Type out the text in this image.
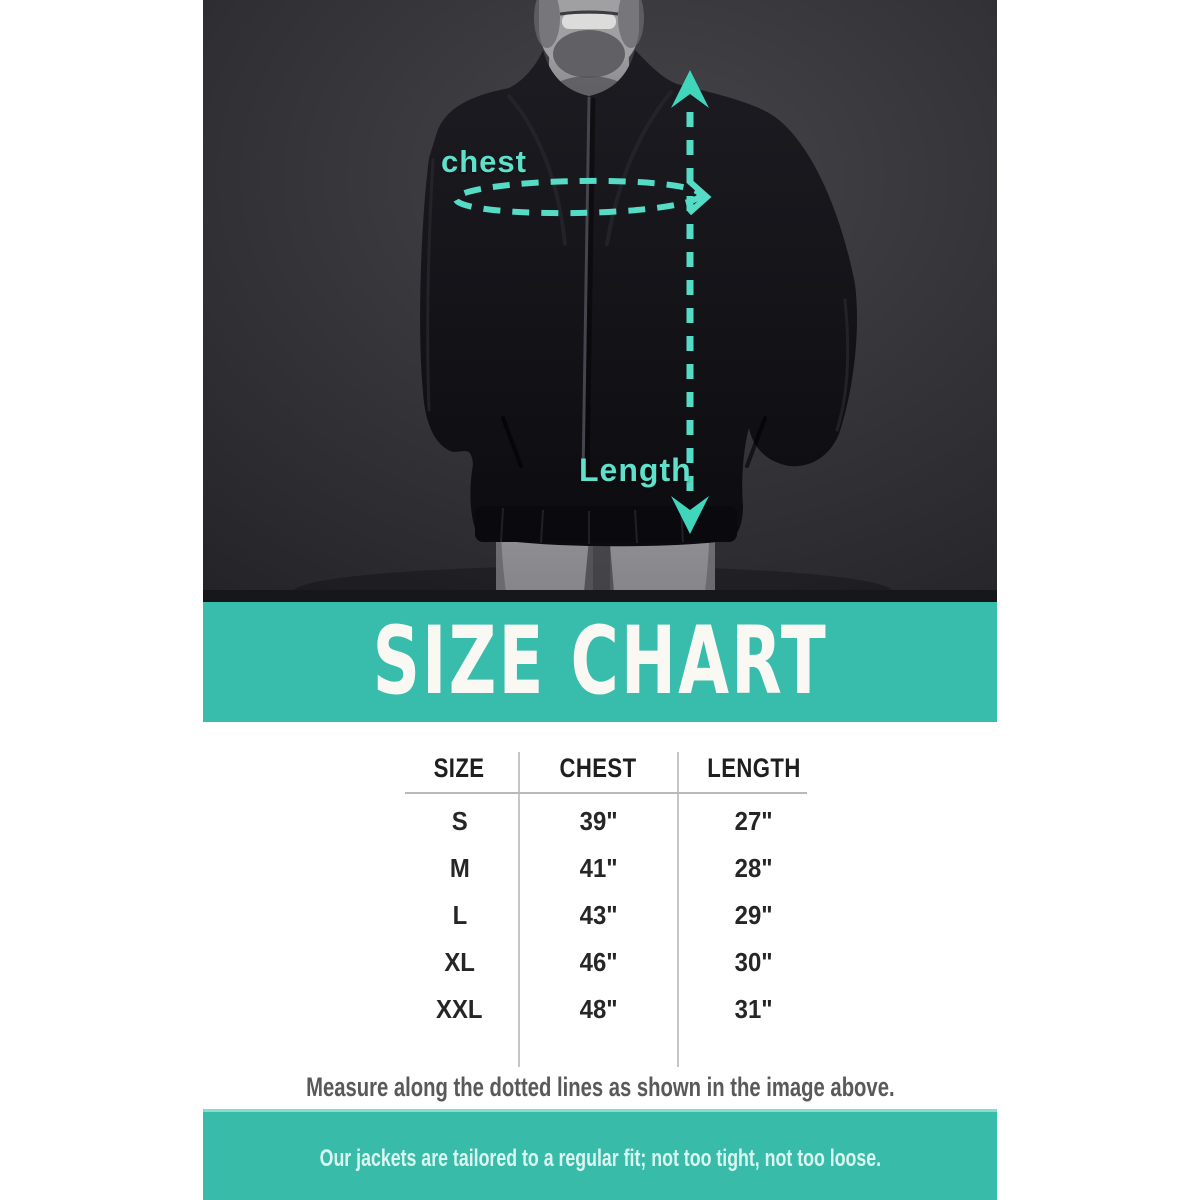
chest
Length
SIZE CHART
SIZE	CHEST	LENGTH
S	39"	27"
M	41"	28"
L	43"	29"
XL	46"	30"
XXL	48"	31"
Measure along the dotted lines as shown in the image above.
Our jackets are tailored to a regular fit; not too tight, not too loose.
